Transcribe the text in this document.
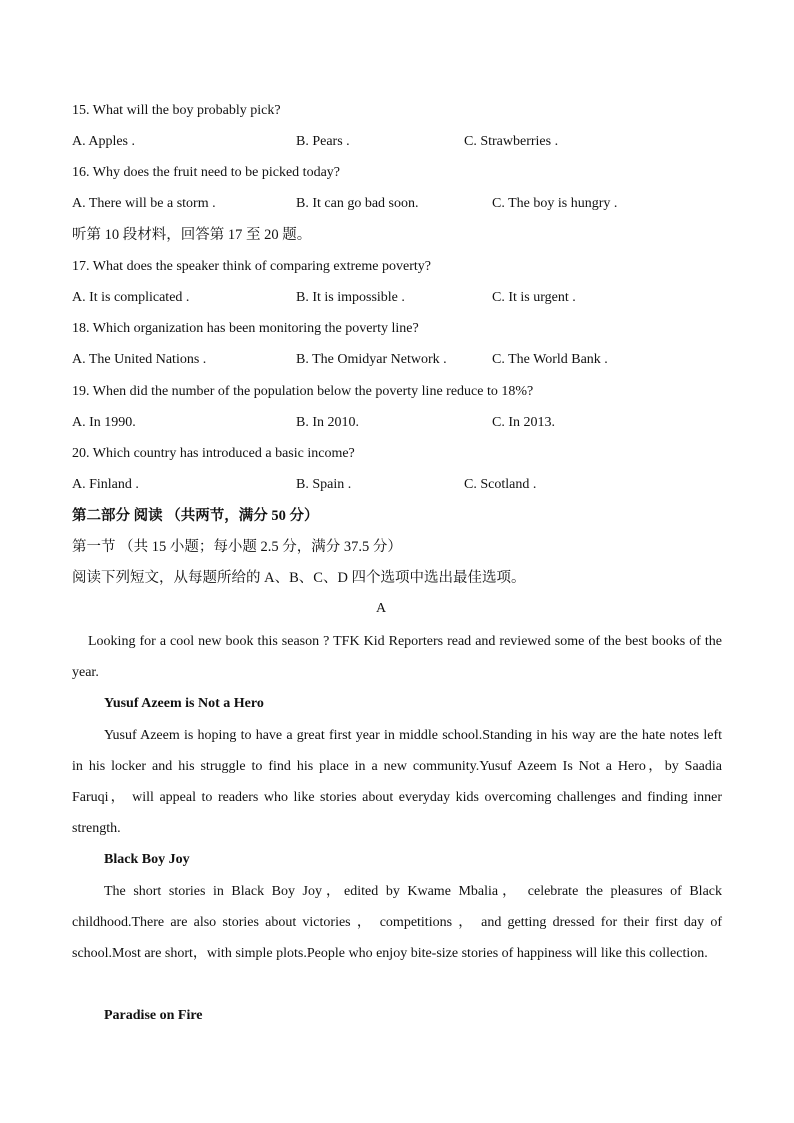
15. What will the boy probably pick?
A. Apples .	B. Pears .	C. Strawberries .
16. Why does the fruit need to be picked today?
A. There will be a storm .	B. It can go bad soon.	C. The boy is hungry .
听第 10 段材料，回答第 17 至 20 题。
17. What does the speaker think of comparing extreme poverty?
A. It is complicated .	B. It is impossible .	C. It is urgent .
18. Which organization has been monitoring the poverty line?
A. The United Nations .	B. The Omidyar Network .	C. The World Bank .
19. When did the number of the population below the poverty line reduce to 18%?
A. In 1990.	B. In 2010.	C. In 2013.
20. Which country has introduced a basic income?
A. Finland .	B. Spain .	C. Scotland .
第二部分 阅读 （共两节，满分 50 分）
第一节 （共 15 小题；每小题 2.5 分，满分 37.5 分）
阅读下列短文，从每题所给的 A、B、C、D 四个选项中选出最佳选项。
A
Looking for a cool new book this season ? TFK Kid Reporters read and reviewed some of the best books of the year.
Yusuf Azeem is Not a Hero
Yusuf Azeem is hoping to have a great first year in middle school.Standing in his way are the hate notes left in his locker and his struggle to find his place in a new community.Yusuf Azeem Is Not a Hero，by Saadia Faruqi， will appeal to readers who like stories about everyday kids overcoming challenges and finding inner strength.
Black Boy Joy
The short stories in Black Boy Joy，edited by Kwame Mbalia， celebrate the pleasures of Black childhood.There are also stories about victories ， competitions ， and getting dressed for their first day of school.Most are short，with simple plots.People who enjoy bite-size stories of happiness will like this collection.
Paradise on Fire
